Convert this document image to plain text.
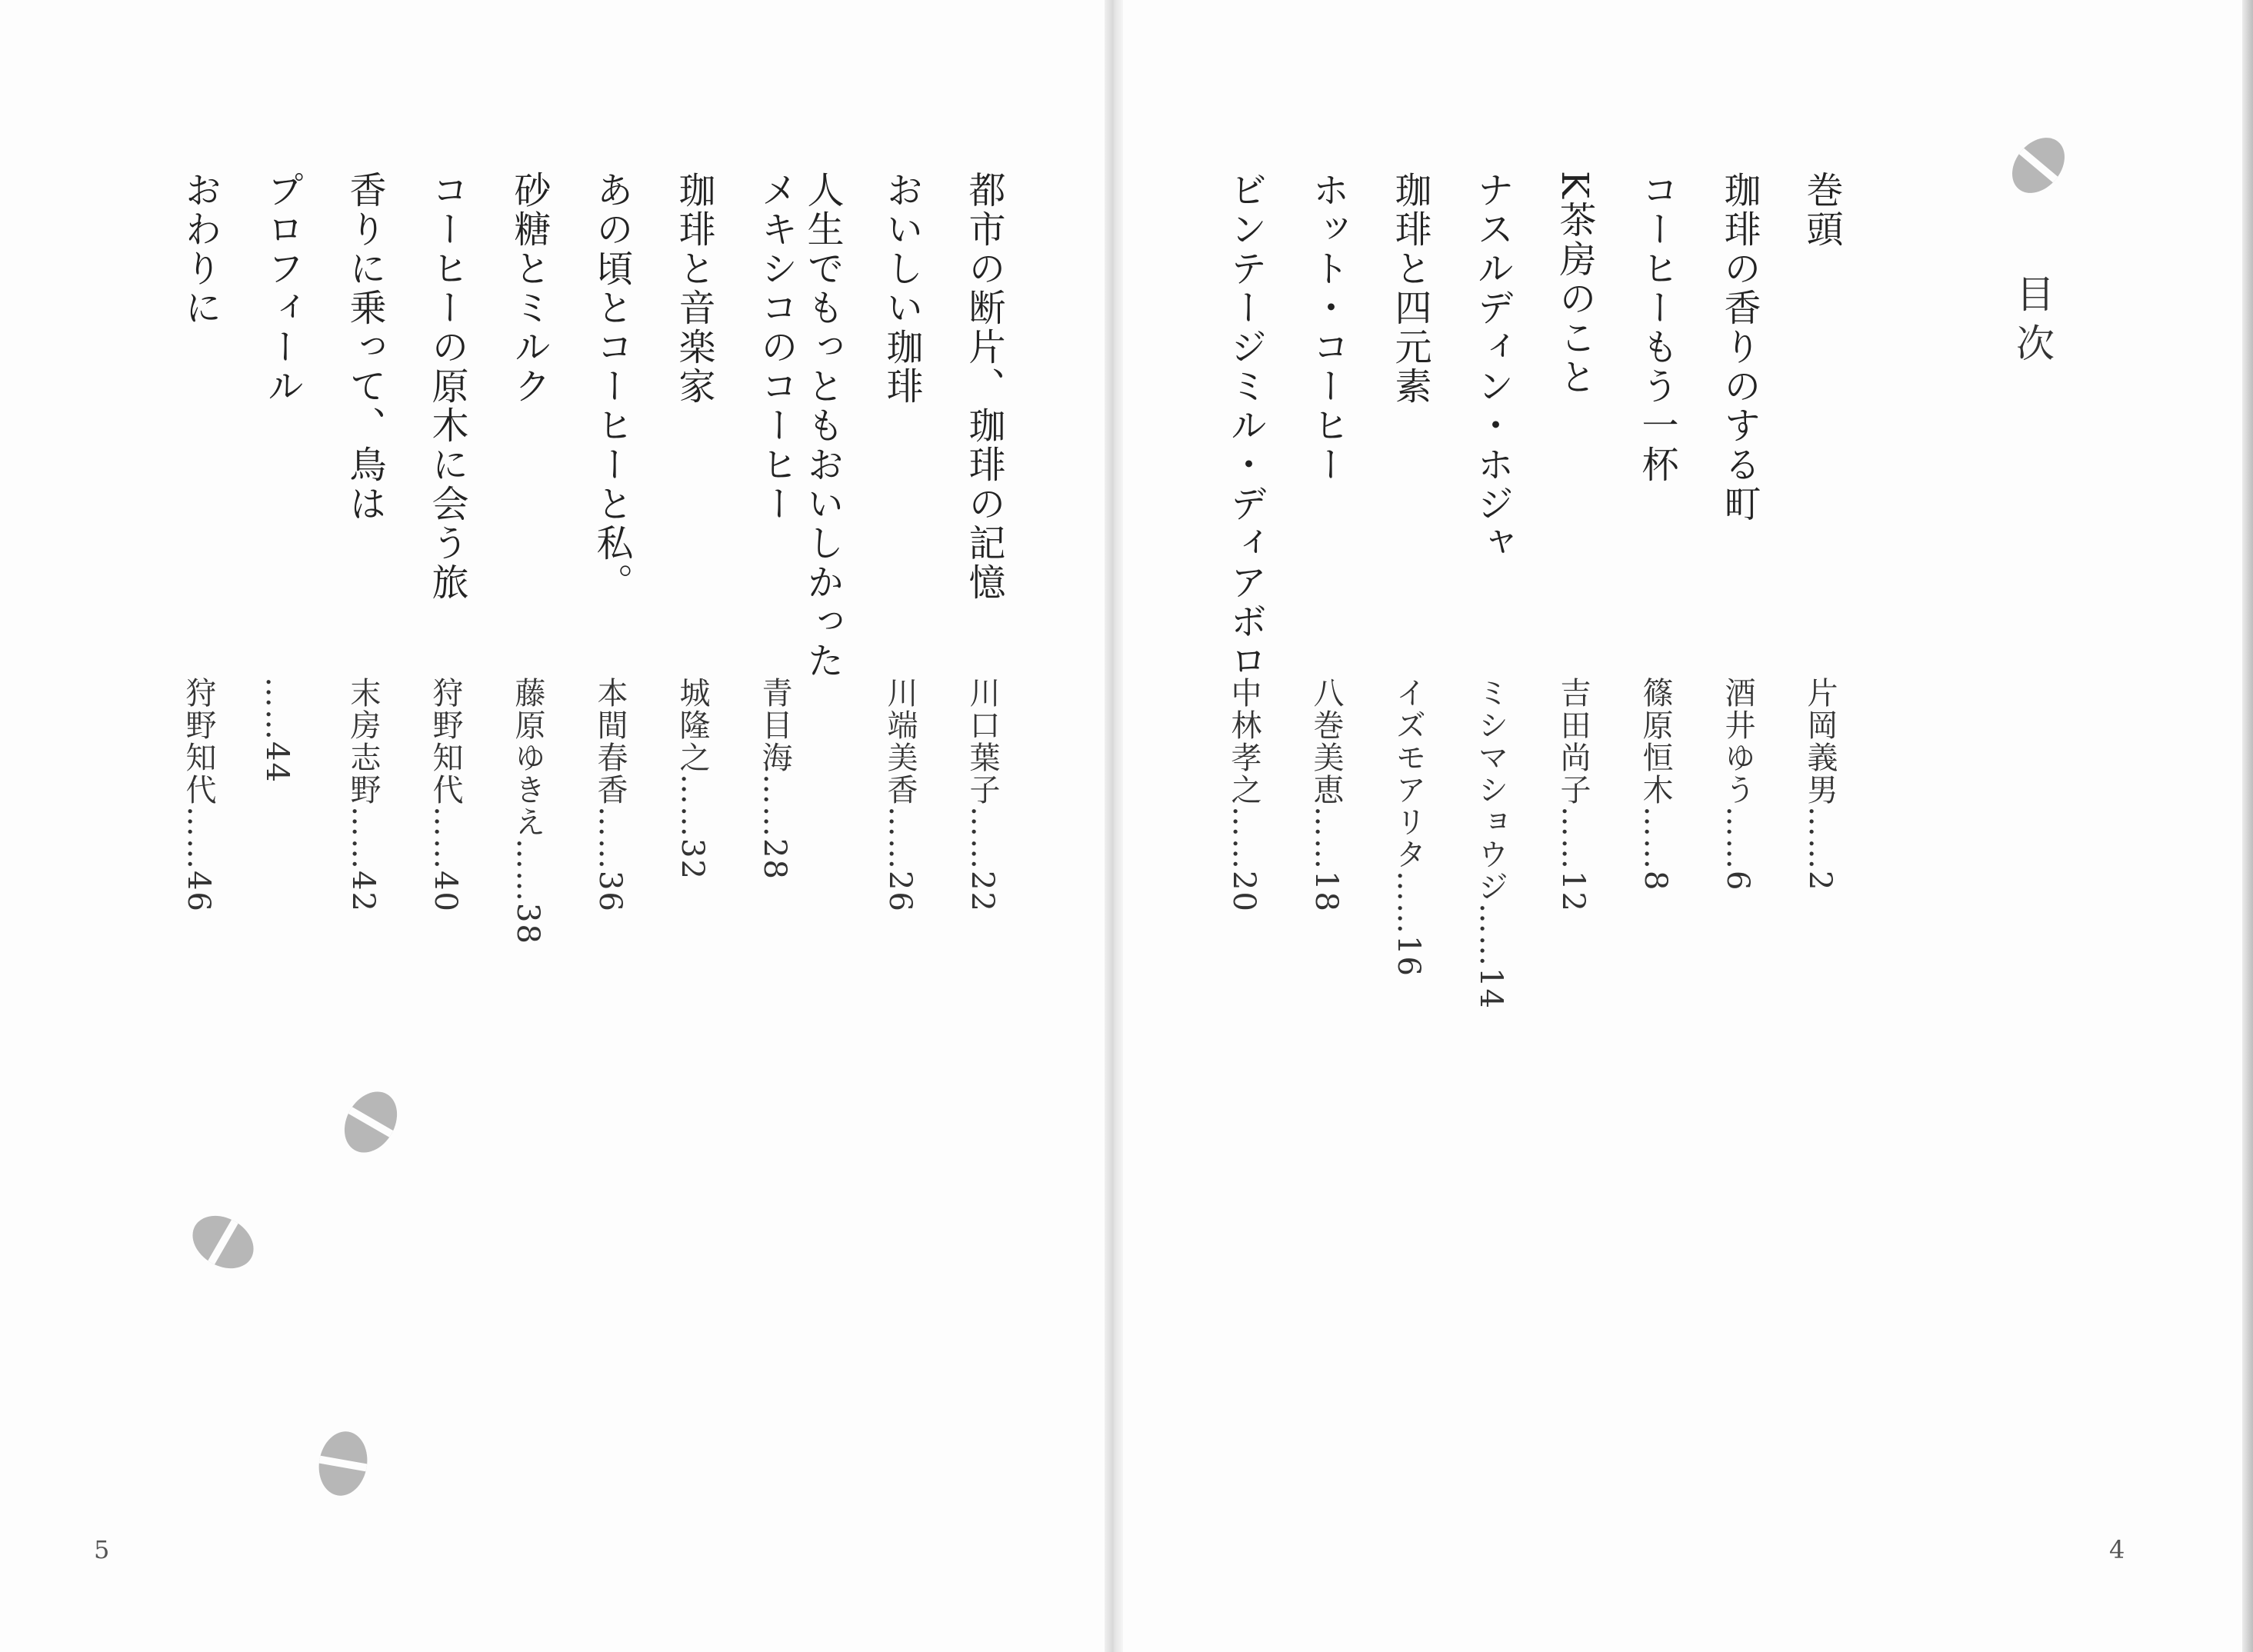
目次
巻頭
片岡義男……2
珈琲の香りのする町
酒井ゆう……6
コーヒーもう一杯
篠原恒木……8
K茶房のこと
吉田尚子……12
ナスルディン・ホジャ
ミシマショウジ……14
珈琲と四元素
イズモアリタ……16
ホット・コーヒー
八巻美恵……18
ビンテージミル・ディアボロ
中林孝之……20
4
都市の断片、珈琲の記憶
川口葉子……22
おいしい珈琲
川端美香……26
人生でもっともおいしかった
メキシコのコーヒー
青目海……28
珈琲と音楽家
城隆之……32
あの頃とコーヒーと私。
本間春香……36
砂糖とミルク
藤原ゆきえ……38
コーヒーの原木に会う旅
狩野知代……40
香りに乗って、鳥は
末房志野……42
プロフィール
……44
おわりに
狩野知代……46
5
